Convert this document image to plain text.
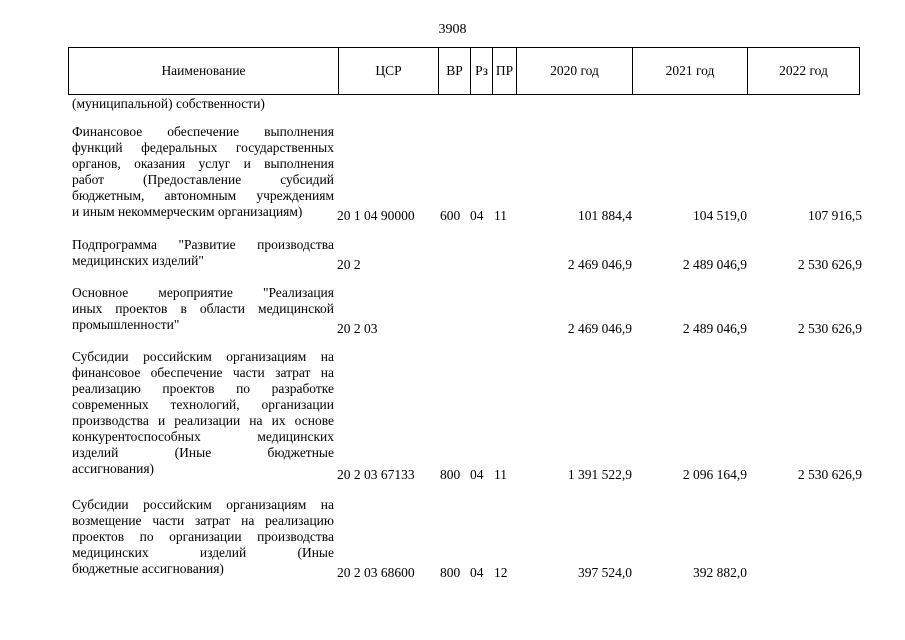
3908
Наименование	ЦСР	ВР Рз ПР	2020 год	2021 год	2022 год
(муниципальной) собственности)
Финансовое обеспечение выполнения
функций федеральных государственных
органов, оказания услуг и выполнения
работ (Предоставление субсидий
бюджетным, автономным учреждениям
и иным некоммерческим организациям)	20 1 04 90000 600 04 11	101 884,4	104 519,0	107 916,5
Подпрограмма "Развитие производства
медицинских изделий"	20 2	2 469 046,9	2 489 046,9	2 530 626,9
Основное мероприятие "Реализация
иных проектов в области медицинской
промышленности"	20 2 03	2 469 046,9	2 489 046,9	2 530 626,9
Субсидии российским организациям на
финансовое обеспечение части затрат на
реализацию проектов по разработке
современных технологий, организации
производства и реализации на их основе
конкурентоспособных медицинских
изделий (Иные бюджетные
ассигнования)	20 2 03 67133 800 04 11	1 391 522,9	2 096 164,9	2 530 626,9
Субсидии российским организациям на
возмещение части затрат на реализацию
проектов по организации производства
медицинских изделий (Иные
бюджетные ассигнования)	20 2 03 68600 800 04 12	397 524,0	392 882,0
